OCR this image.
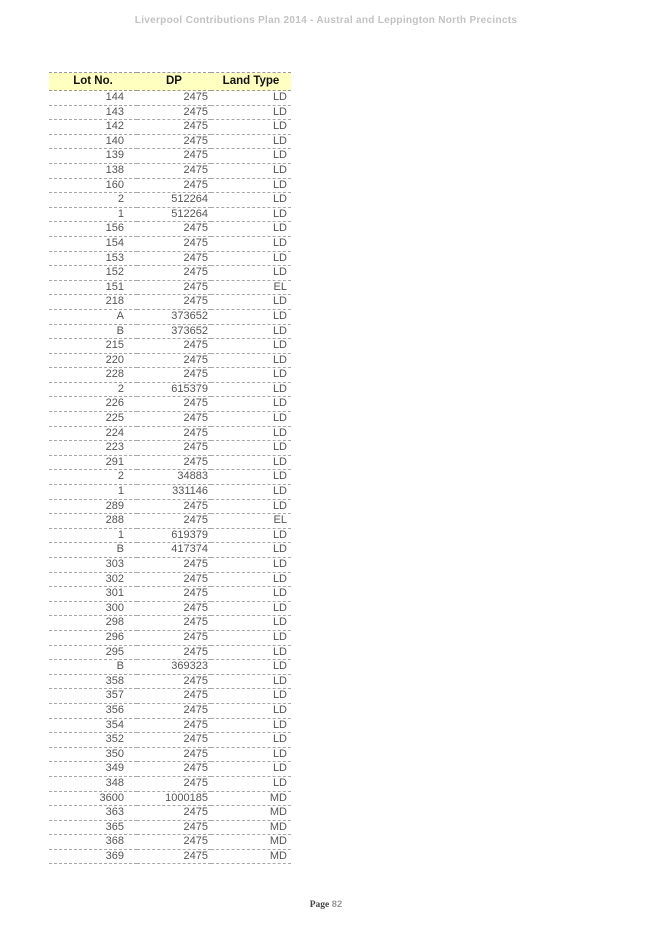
Liverpool Contributions Plan 2014 - Austral and Leppington North Precincts
Lot No.	DP	Land Type
144	2475	LD
143	2475	LD
142	2475	LD
140	2475	LD
139	2475	LD
138	2475	LD
160	2475	LD
2	512264	LD
1	512264	LD
156	2475	LD
154	2475	LD
153	2475	LD
152	2475	LD
151	2475	EL
218	2475	LD
A	373652	LD
B	373652	LD
215	2475	LD
220	2475	LD
228	2475	LD
2	615379	LD
226	2475	LD
225	2475	LD
224	2475	LD
223	2475	LD
291	2475	LD
2	34883	LD
1	331146	LD
289	2475	LD
288	2475	EL
1	619379	LD
B	417374	LD
303	2475	LD
302	2475	LD
301	2475	LD
300	2475	LD
298	2475	LD
296	2475	LD
295	2475	LD
B	369323	LD
358	2475	LD
357	2475	LD
356	2475	LD
354	2475	LD
352	2475	LD
350	2475	LD
349	2475	LD
348	2475	LD
3600	1000185	MD
363	2475	MD
365	2475	MD
368	2475	MD
369	2475	MD
Page 82
